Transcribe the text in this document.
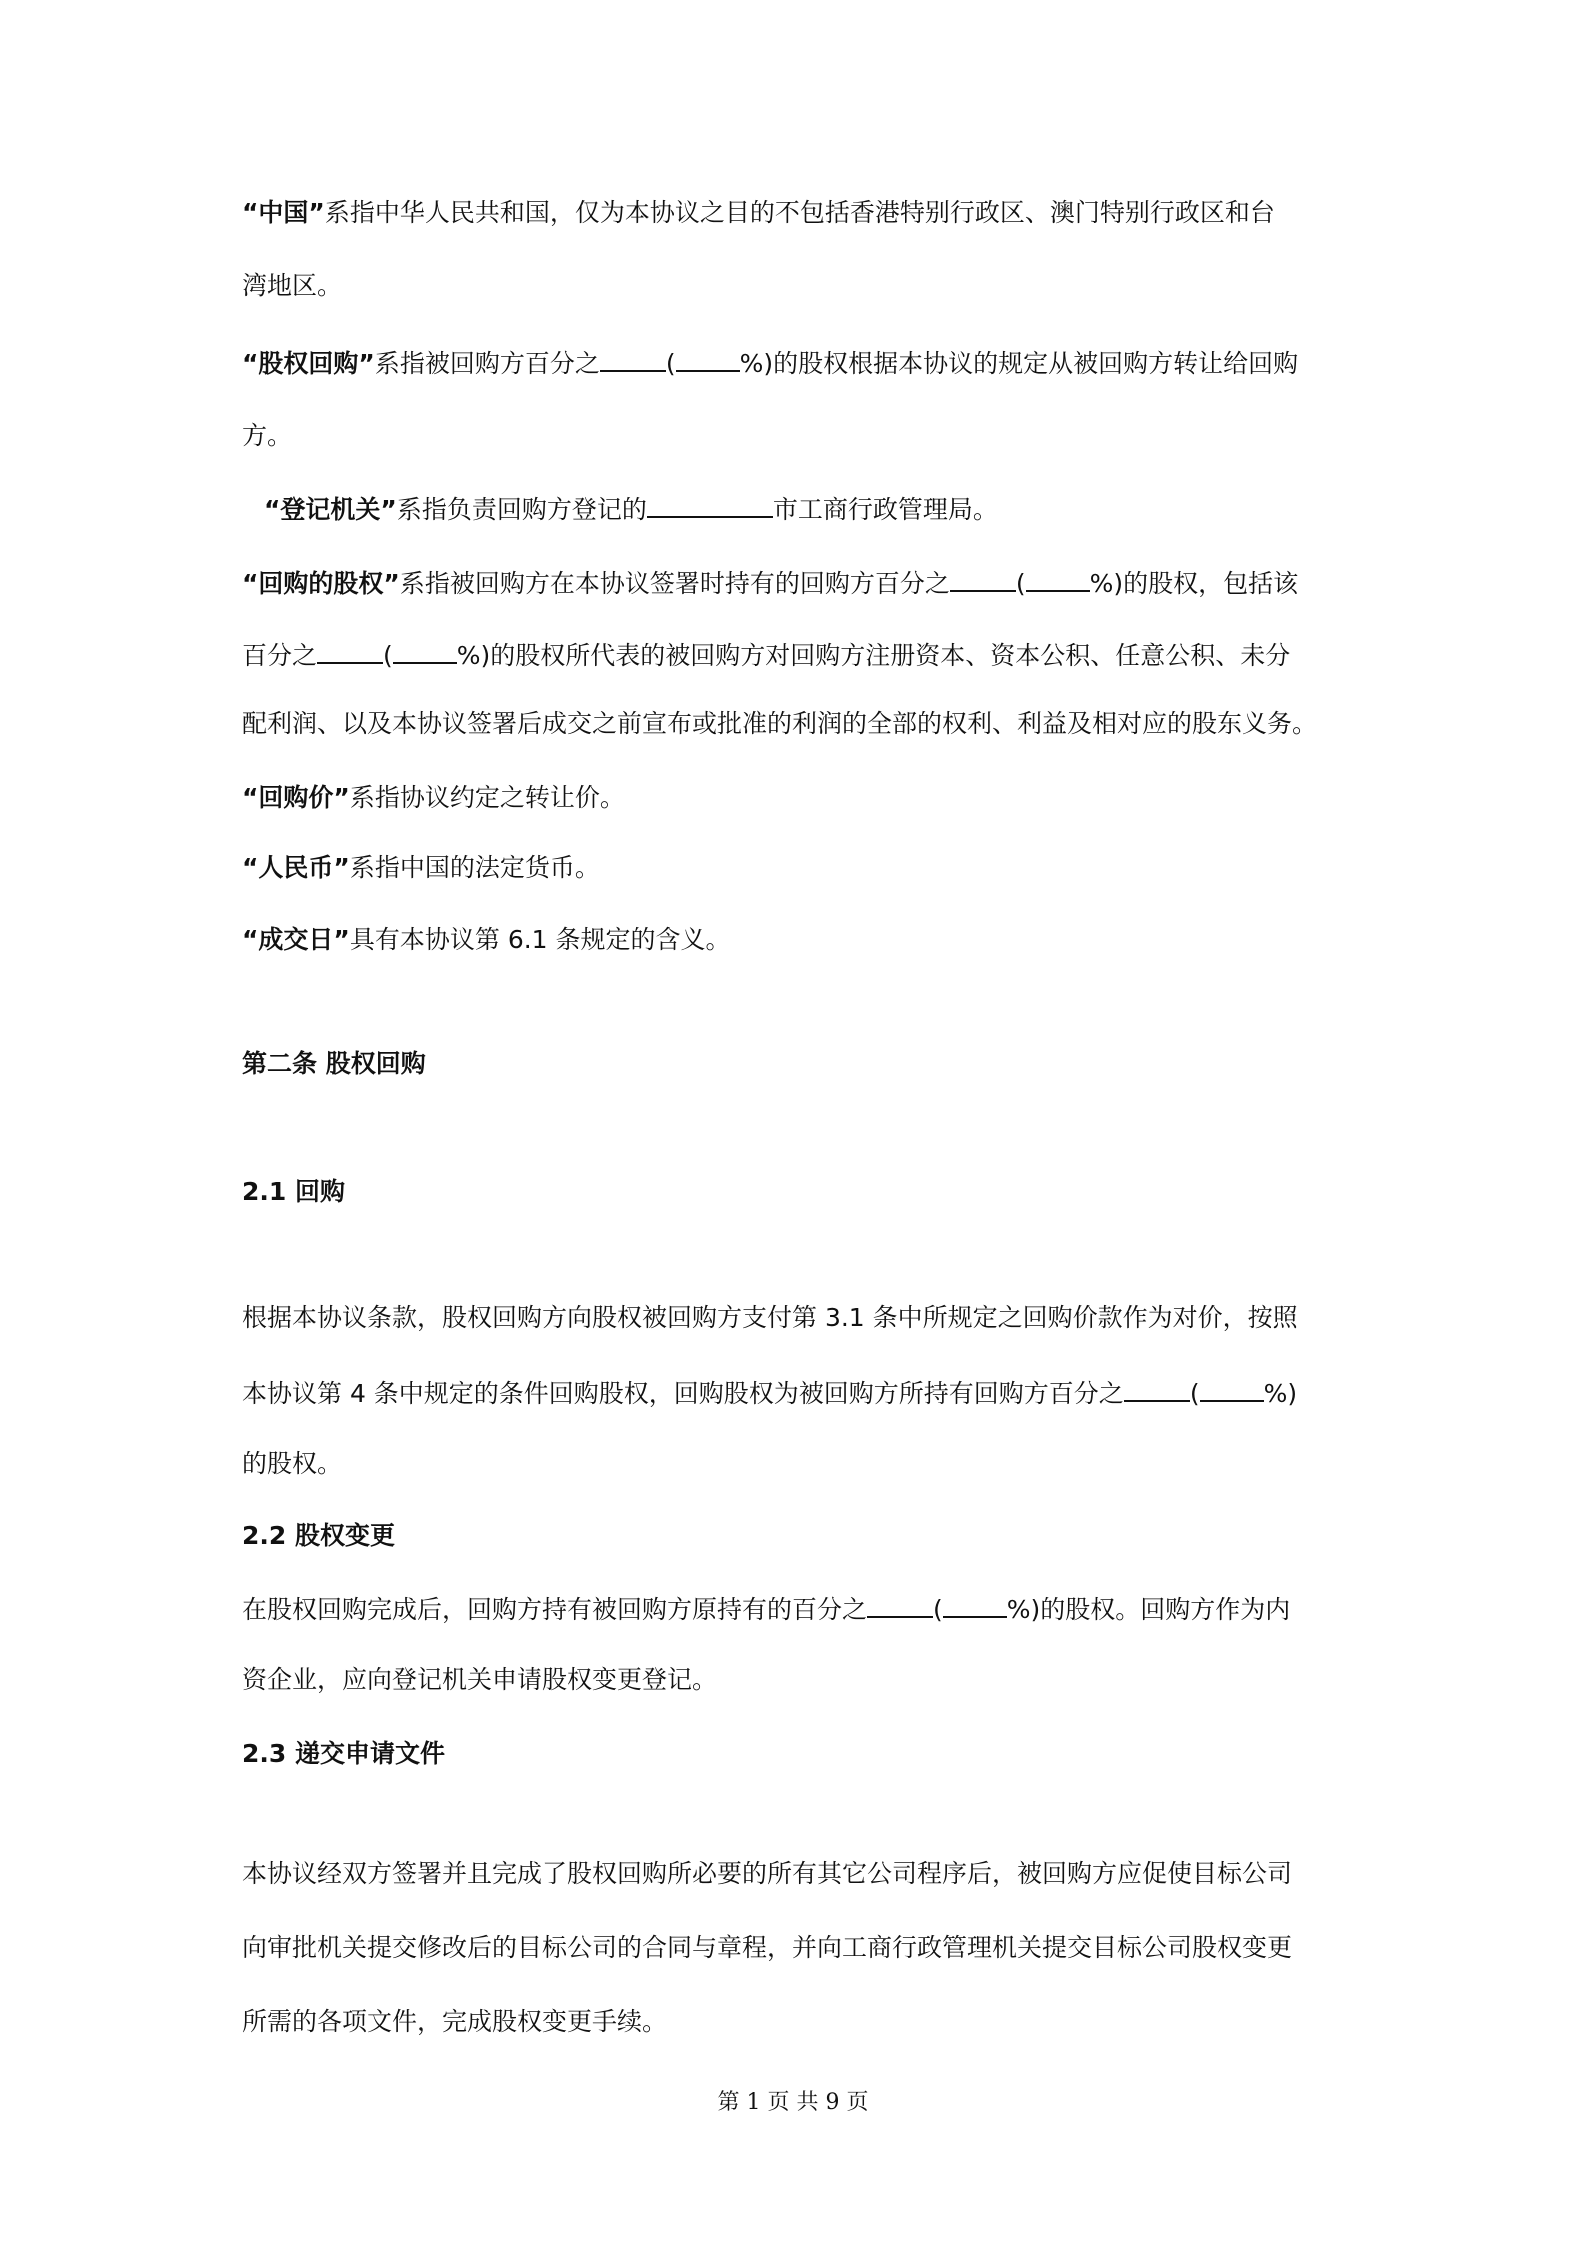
“中国”系指中华人民共和国，仅为本协议之目的不包括香港特别行政区、澳门特别行政区和台
湾地区。
“股权回购”系指被回购方百分之	(	%)的股权根据本协议的规定从被回购方转让给回购
方。
“登记机关”系指负责回购方登记的	市工商行政管理局。
“回购的股权”系指被回购方在本协议签署时持有的回购方百分之	(	%)的股权，包括该
百分之	(	%)的股权所代表的被回购方对回购方注册资本、资本公积、任意公积、未分
配利润、以及本协议签署后成交之前宣布或批准的利润的全部的权利、利益及相对应的股东义务。
“回购价”系指协议约定之转让价。
“人民币”系指中国的法定货币。
“成交日”具有本协议第 6.1 条规定的含义。
第二条 股权回购
2.1 回购
根据本协议条款，股权回购方向股权被回购方支付第 3.1 条中所规定之回购价款作为对价，按照
本协议第 4 条中规定的条件回购股权，回购股权为被回购方所持有回购方百分之	(	%)
的股权。
2.2 股权变更
在股权回购完成后，回购方持有被回购方原持有的百分之	(	%)的股权。回购方作为内
资企业，应向登记机关申请股权变更登记。
2.3 递交申请文件
本协议经双方签署并且完成了股权回购所必要的所有其它公司程序后，被回购方应促使目标公司
向审批机关提交修改后的目标公司的合同与章程，并向工商行政管理机关提交目标公司股权变更
所需的各项文件，完成股权变更手续。
第 1 页 共 9 页
